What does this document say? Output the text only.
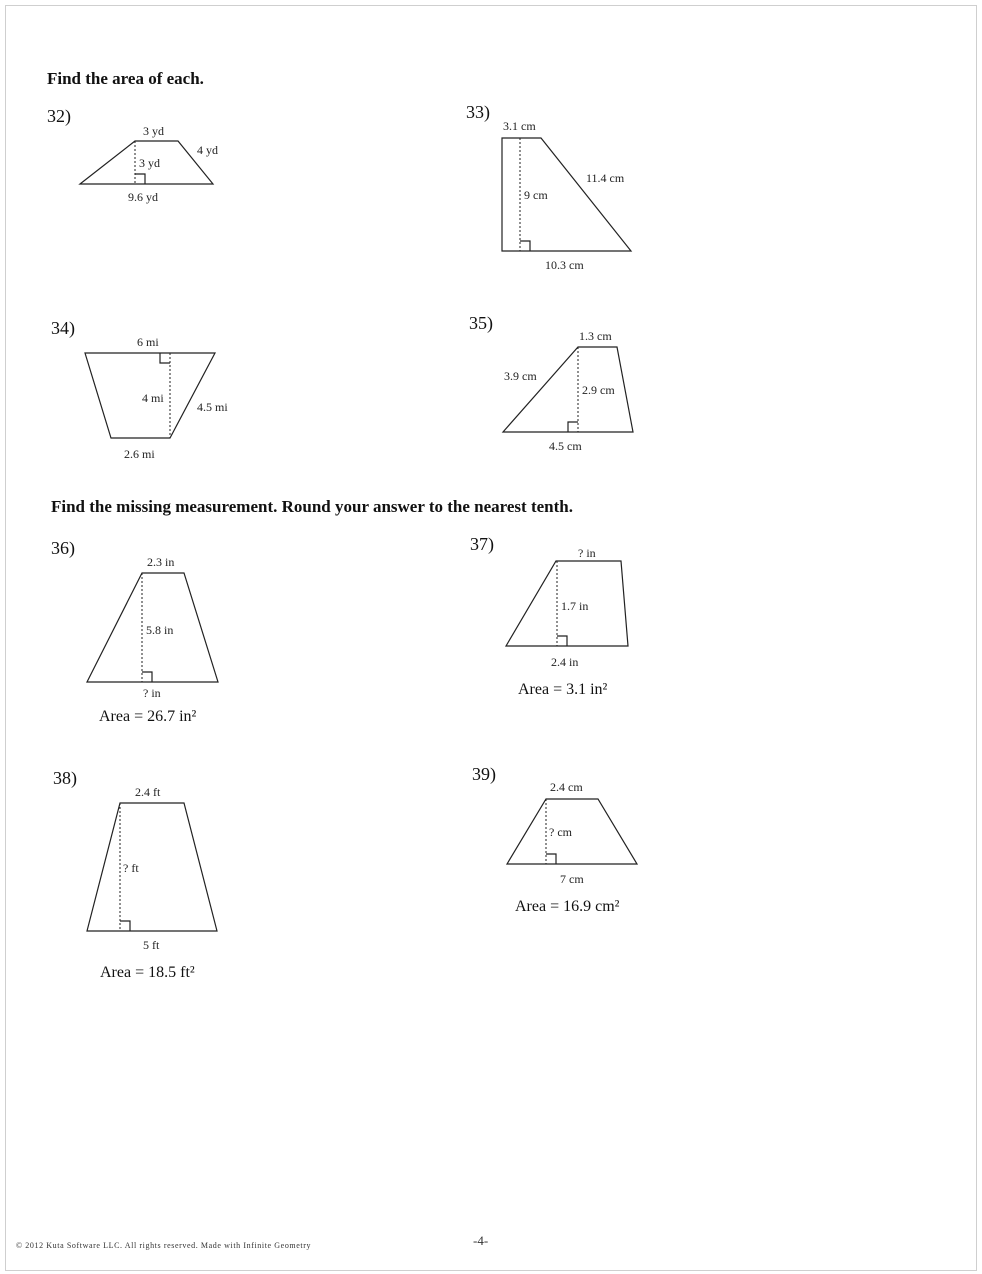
Find the area of each.
Find the missing measurement. Round your answer to the nearest tenth.
32)	33)
34)	35)
36)	37)
38)	39)
3 yd
3 yd
4 yd
9.6 yd
3.1 cm
9 cm
11.4 cm
10.3 cm
6 mi
4 mi
4.5 mi
2.6 mi
1.3 cm
3.9 cm
2.9 cm
4.5 cm
2.3 in
5.8 in
? in
? in
1.7 in
2.4 in
2.4 ft
? ft
5 ft
2.4 cm
? cm
7 cm
Area = 26.7 in²
Area = 3.1 in²
Area = 18.5 ft²
Area = 16.9 cm²
© 2012 Kuta Software LLC. All rights reserved. Made with Infinite Geometry	-4-
